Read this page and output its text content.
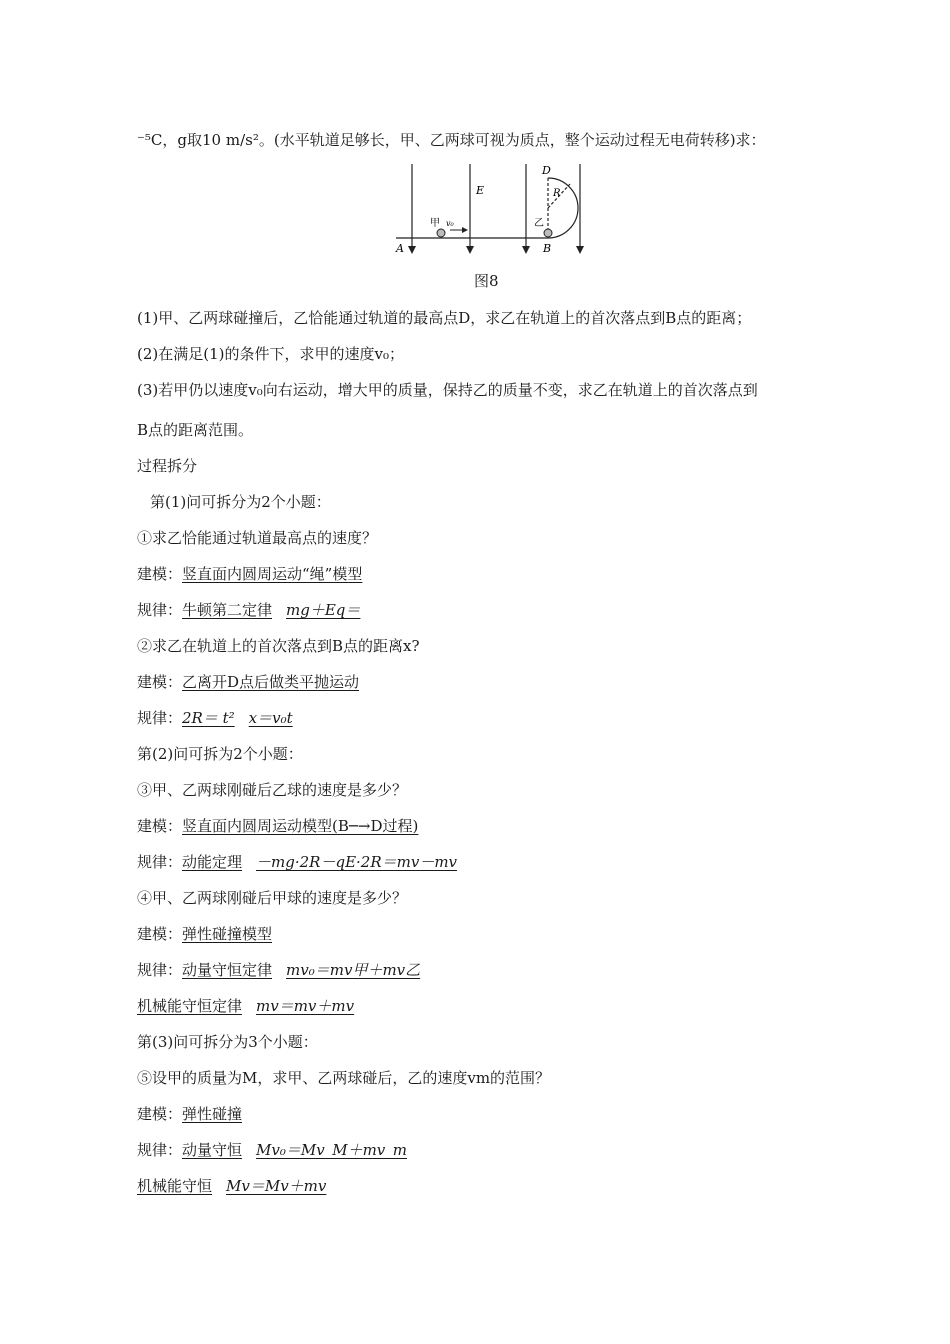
⁻⁵C，g取10 m/s²。(水平轨道足够长，甲、乙两球可视为质点，整个运动过程无电荷转移)求：
A	B
D
E	R
甲 v₀	乙
图8
(1)甲、乙两球碰撞后，乙恰能通过轨道的最高点D，求乙在轨道上的首次落点到B点的距离；
(2)在满足(1)的条件下，求甲的速度v₀；
(3)若甲仍以速度v₀向右运动，增大甲的质量，保持乙的质量不变，求乙在轨道上的首次落点到
B点的距离范围。
过程拆分
第(1)问可拆分为2个小题：
①求乙恰能通过轨道最高点的速度？
建模：竖直面内圆周运动“绳”模型
规律：牛顿第二定律 mg＋Eq＝
②求乙在轨道上的首次落点到B点的距离x?
建模：乙离开D点后做类平抛运动
规律：2R＝ t² x＝v₀t
第(2)问可拆为2个小题：
③甲、乙两球刚碰后乙球的速度是多少？
建模：竖直面内圆周运动模型(B─→D过程)
规律：动能定理 －mg·2R－qE·2R＝mv－mv
④甲、乙两球刚碰后甲球的速度是多少？
建模：弹性碰撞模型
规律：动量守恒定律 mv₀＝mv甲＋mv乙
机械能守恒定律 mv＝mv＋mv
第(3)问可拆分为3个小题：
⑤设甲的质量为M，求甲、乙两球碰后，乙的速度vm的范围？
建模：弹性碰撞
规律：动量守恒 Mv₀＝Mv_M＋mv_m
机械能守恒 Mv＝Mv＋mv
